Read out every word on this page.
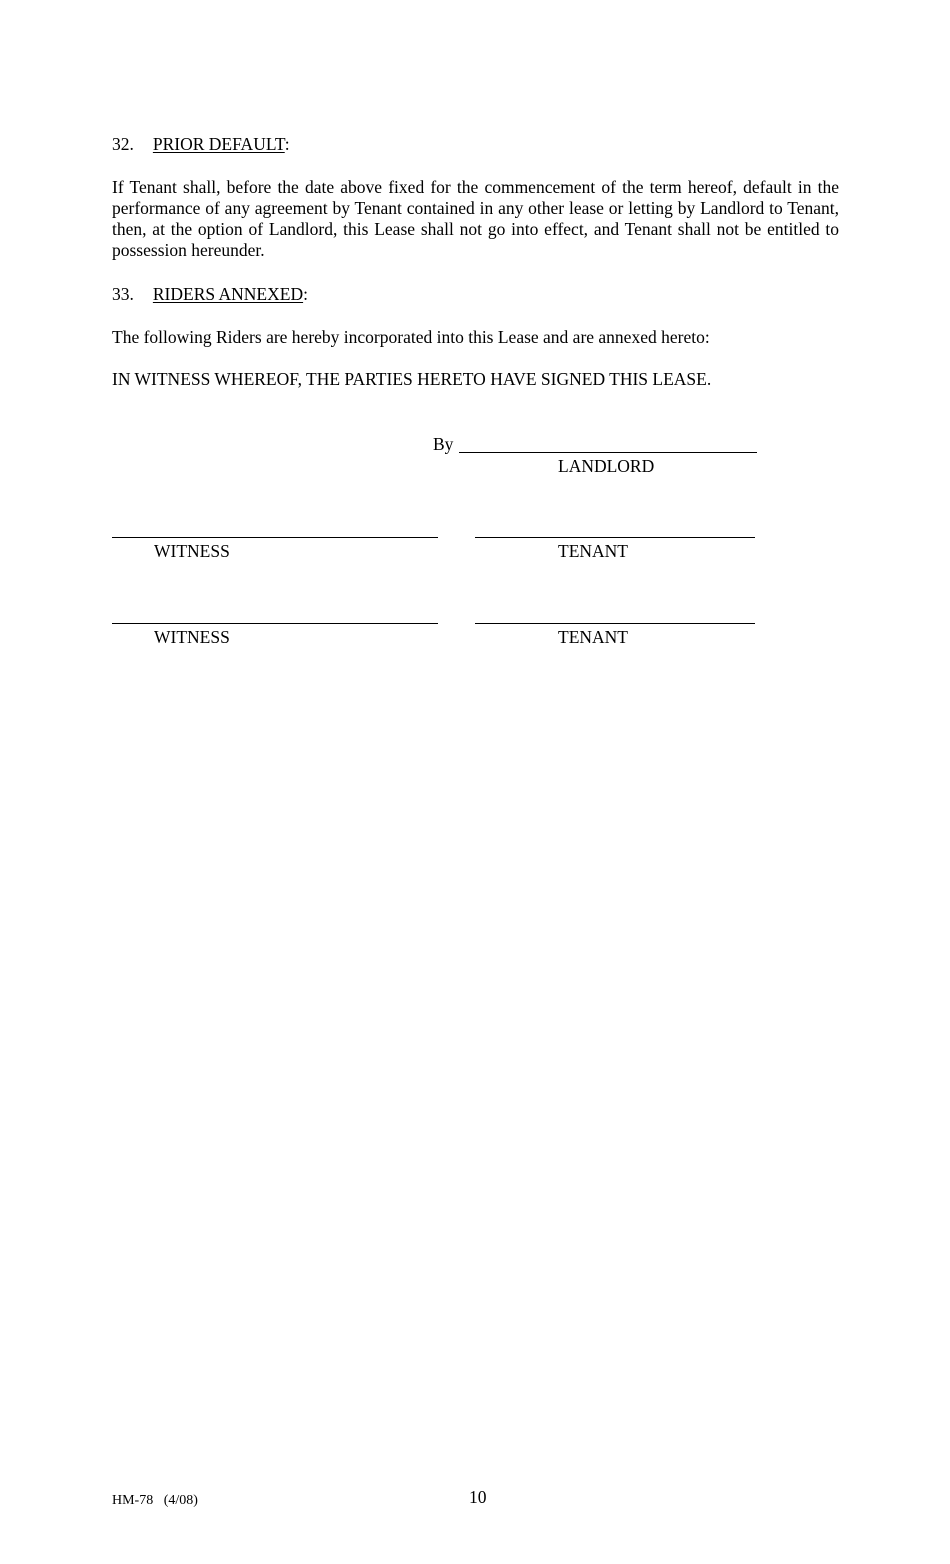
32. PRIOR DEFAULT:
If Tenant shall, before the date above fixed for the commencement of the term hereof, default in the performance of any agreement by Tenant contained in any other lease or letting by Landlord to Tenant, then, at the option of Landlord, this Lease shall not go into effect, and Tenant shall not be entitled to possession hereunder.
33. RIDERS ANNEXED:
The following Riders are hereby incorporated into this Lease and are annexed hereto:
IN WITNESS WHEREOF, THE PARTIES HERETO HAVE SIGNED THIS LEASE.
By
LANDLORD
WITNESS	TENANT
WITNESS	TENANT
HM-78   (4/08)	10
